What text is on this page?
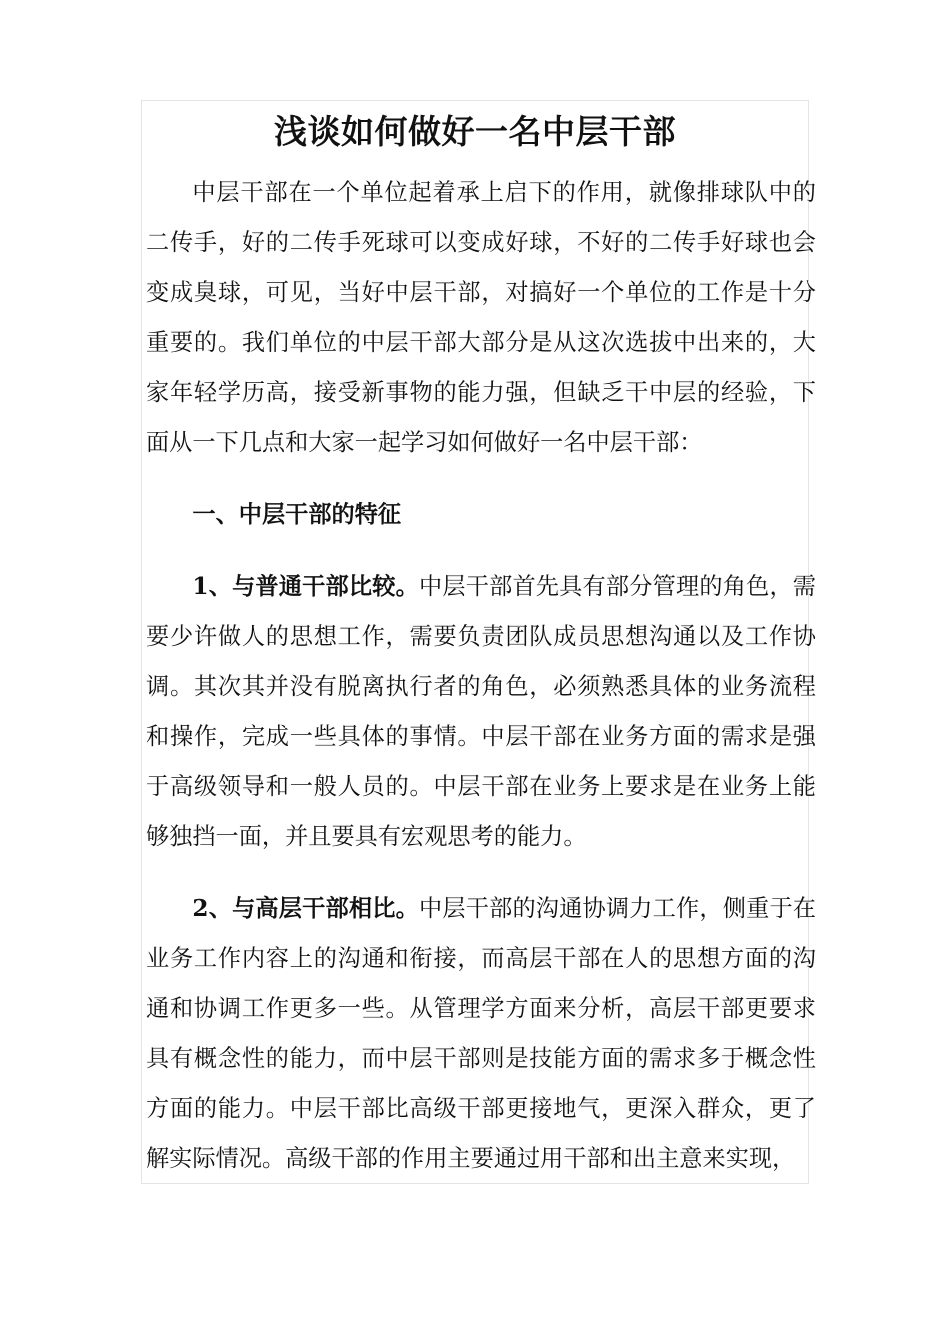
浅谈如何做好一名中层干部

中层干部在一个单位起着承上启下的作用，就像排球队中的二传手，好的二传手死球可以变成好球，不好的二传手好球也会变成臭球，可见，当好中层干部，对搞好一个单位的工作是十分重要的。我们单位的中层干部大部分是从这次选拔中出来的，大家年轻学历高，接受新事物的能力强，但缺乏干中层的经验，下面从一下几点和大家一起学习如何做好一名中层干部：

一、中层干部的特征

1、与普通干部比较。中层干部首先具有部分管理的角色，需要少许做人的思想工作，需要负责团队成员思想沟通以及工作协调。其次其并没有脱离执行者的角色，必须熟悉具体的业务流程和操作，完成一些具体的事情。中层干部在业务方面的需求是强于高级领导和一般人员的。中层干部在业务上要求是在业务上能够独挡一面，并且要具有宏观思考的能力。

2、与高层干部相比。中层干部的沟通协调力工作，侧重于在业务工作内容上的沟通和衔接，而高层干部在人的思想方面的沟通和协调工作更多一些。从管理学方面来分析，高层干部更要求具有概念性的能力，而中层干部则是技能方面的需求多于概念性方面的能力。中层干部比高级干部更接地气，更深入群众，更了解实际情况。高级干部的作用主要通过用干部和出主意来实现，
